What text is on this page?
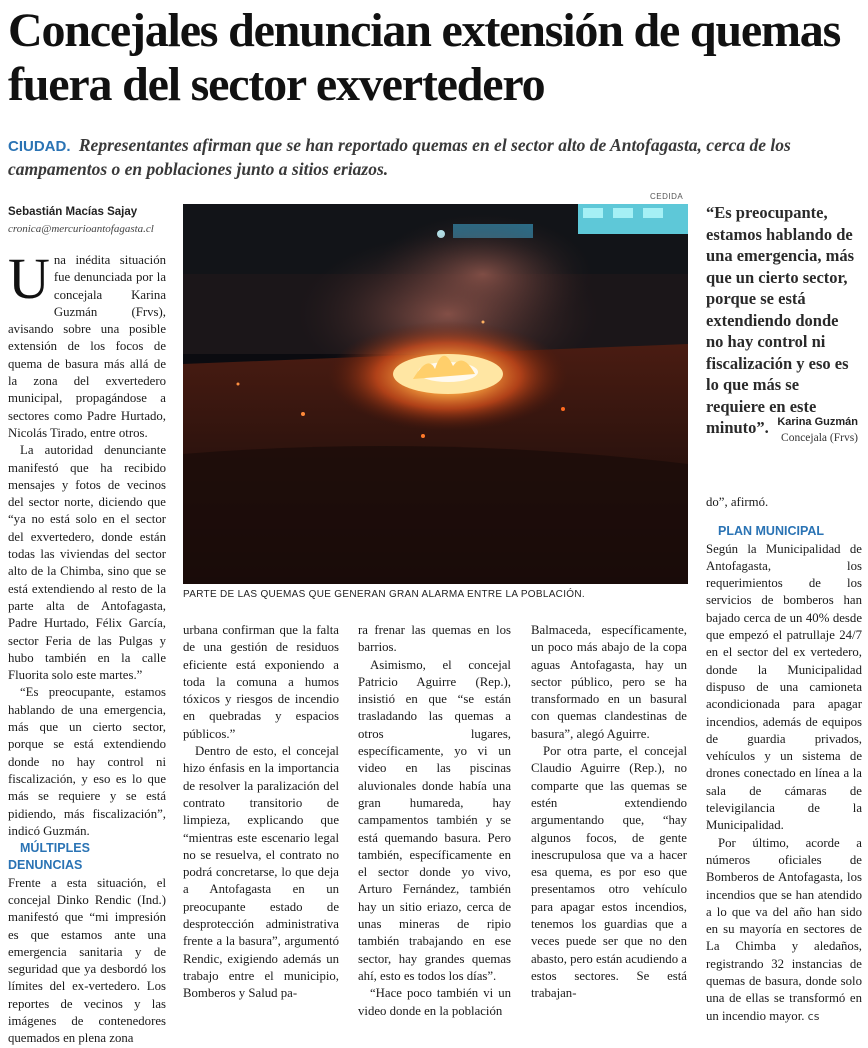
Concejales denuncian extensión de quemas fuera del sector exvertedero
CIUDAD. Representantes afirman que se han reportado quemas en el sector alto de Antofagasta, cerca de los campamentos o en poblaciones junto a sitios eriazos.
Sebastián Macías Sajay
cronica@mercurioantofagasta.cl

Una inédita situación fue denunciada por la concejala Karina Guzmán (Frvs), avisando sobre una posible extensión de los focos de quema de basura más allá de la zona del exvertedero municipal, propagándose a sectores como Padre Hurtado, Nicolás Tirado, entre otros.

La autoridad denunciante manifestó que ha recibido mensajes y fotos de vecinos del sector norte, diciendo que “ya no está solo en el sector del exvertedero, donde están todas las viviendas del sector alto de la Chimba, sino que se está extendiendo al resto de la parte alta de Antofagasta, Padre Hurtado, Félix García, sector Feria de las Pulgas y hubo también en la calle Fluorita solo este martes.”

“Es preocupante, estamos hablando de una emergencia, más que un cierto sector, porque se está extendiendo donde no hay control ni fiscalización, y eso es lo que más se requiere y se está pidiendo, más fiscalización”, indicó Guzmán.

MÚLTIPLES DENUNCIAS

Frente a esta situación, el concejal Dinko Rendic (Ind.) manifestó que “mi impresión es que estamos ante una emergencia sanitaria y de seguridad que ya desbordó los límites del ex-vertedero. Los reportes de vecinos y las imágenes de contenedores quemados en plena zona

CEDIDA
PARTE DE LAS QUEMAS QUE GENERAN GRAN ALARMA ENTRE LA POBLACIÓN.
“Es preocupante, estamos hablando de una emergencia, más que un cierto sector, porque se está extendiendo donde no hay control ni fiscalización y eso es lo que más se requiere en este minuto”. Karina Guzmán
Concejala (Frvs)

urbana confirman que la falta de una gestión de residuos eficiente está exponiendo a toda la comuna a humos tóxicos y riesgos de incendio en quebradas y espacios públicos.”

Dentro de esto, el concejal hizo énfasis en la importancia de resolver la paralización del contrato transitorio de limpieza, explicando que “mientras este escenario legal no se resuelva, el contrato no podrá concretarse, lo que deja a Antofagasta en un preocupante estado de desprotección administrativa frente a la basura”, argumentó Rendic, exigiendo además un trabajo entre el municipio, Bomberos y Salud pa-

ra frenar las quemas en los barrios.

Asimismo, el concejal Patricio Aguirre (Rep.), insistió en que “se están trasladando las quemas a otros lugares, específicamente, yo vi un video en las piscinas aluvionales donde había una gran humareda, hay campamentos también y se está quemando basura. Pero también, específicamente en el sector donde yo vivo, Arturo Fernández, también hay un sitio eriazo, cerca de unas mineras de ripio también trabajando en ese sector, hay grandes quemas ahí, esto es todos los días”.

“Hace poco también vi un video donde en la población

Balmaceda, específicamente, un poco más abajo de la copa aguas Antofagasta, hay un sector público, pero se ha transformado en un basural con quemas clandestinas de basura”, alegó Aguirre.

Por otra parte, el concejal Claudio Aguirre (Rep.), no comparte que las quemas se estén extendiendo argumentando que, “hay algunos focos, de gente inescrupulosa que va a hacer esa quema, es por eso que presentamos otro vehículo para apagar estos incendios, tenemos los guardias que a veces puede ser que no den abasto, pero están acudiendo a estos sectores. Se está trabajan-

do”, afirmó.

PLAN MUNICIPAL

Según la Municipalidad de Antofagasta, los requerimientos de los servicios de bomberos han bajado cerca de un 40% desde que empezó el patrullaje 24/7 en el sector del ex vertedero, donde la Municipalidad dispuso de una camioneta acondicionada para apagar incendios, además de equipos de guardia privados, vehículos y un sistema de drones conectado en línea a la sala de cámaras de televigilancia de la Municipalidad.

Por último, acorde a números oficiales de Bomberos de Antofagasta, los incendios que se han atendido a lo que va del año han sido en su mayoría en sectores de La Chimba y aledaños, registrando 32 instancias de quemas de basura, donde solo una de ellas se transformó en un incendio mayor. cs
